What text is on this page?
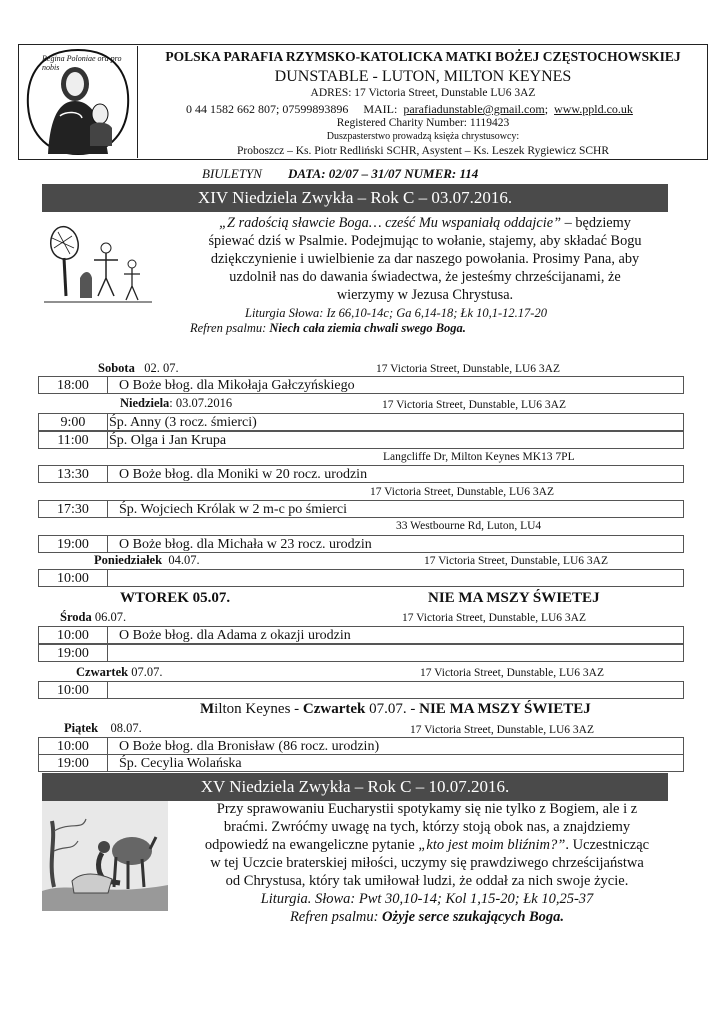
Regina Poloniae ora pro nobis
POLSKA PARAFIA RZYMSKO-KATOLICKA MATKI BOŻEJ CZĘSTOCHOWSKIEJ
DUNSTABLE - LUTON, MILTON KEYNES
ADRES: 17 Victoria Street, Dunstable LU6 3AZ
0 44 1582 662 807; 07599893896 MAIL: parafiadunstable@gmail.com;  www.ppld.co.uk
Registered Charity Number: 1119423
Duszpasterstwo prowadzą księża chrystusowcy:
Proboszcz – Ks. Piotr Redliński SCHR, Asystent – Ks. Leszek Rygiewicz SCHR
BIULETYN DATA: 02/07 – 31/07 NUMER: 114
XIV Niedziela Zwykła – Rok C – 03.07.2016.
„Z radością sławcie Boga… cześć Mu wspaniałą oddajcie” – będziemy
śpiewać dziś w Psalmie. Podejmując to wołanie, stajemy, aby składać Bogu
dziękczynienie i uwielbienie za dar naszego powołania. Prosimy Pana, aby
uzdolnił nas do dawania świadectwa, że jesteśmy chrześcijanami, że
wierzymy w Jezusa Chrystusa.
Liturgia Słowa: Iz 66,10-14c; Ga 6,14-18; Łk 10,1-12.17-20
Refren psalmu: Niech cała ziemia chwali swego Boga.
Sobota 02. 07.	17 Victoria Street, Dunstable, LU6 3AZ
18:00	O Boże błog. dla Mikołaja Gałczyńskiego
Niedziela: 03.07.2016	17 Victoria Street, Dunstable, LU6 3AZ
9:00	Śp. Anny (3 rocz. śmierci)
11:00	Śp. Olga i Jan Krupa
Langcliffe Dr, Milton Keynes MK13 7PL
13:30	O Boże błog. dla Moniki w 20 rocz. urodzin
17 Victoria Street, Dunstable, LU6 3AZ
17:30	Śp. Wojciech Królak w 2 m-c po śmierci
33 Westbourne Rd, Luton, LU4
19:00	O Boże błog. dla Michała w 23 rocz. urodzin
Poniedziałek 04.07.	17 Victoria Street, Dunstable, LU6 3AZ
10:00
WTOREK 05.07.	NIE MA MSZY ŚWIETEJ
Środa 06.07.	17 Victoria Street, Dunstable, LU6 3AZ
10:00	O Boże błog. dla Adama z okazji urodzin
19:00
Czwartek 07.07.	17 Victoria Street, Dunstable, LU6 3AZ
10:00
Milton Keynes - Czwartek 07.07. - NIE MA MSZY ŚWIETEJ
Piątek 08.07.	17 Victoria Street, Dunstable, LU6 3AZ
10:00	O Boże błog. dla Bronisław (86 rocz. urodzin)
19:00	Śp. Cecylia Wolańska
XV Niedziela Zwykła – Rok C – 10.07.2016.
Przy sprawowaniu Eucharystii spotykamy się nie tylko z Bogiem, ale i z
braćmi. Zwróćmy uwagę na tych, którzy stoją obok nas, a znajdziemy
odpowiedź na ewangeliczne pytanie „kto jest moim bliźnim?”. Uczestnicząc
w tej Uczcie braterskiej miłości, uczymy się prawdziwego chrześcijaństwa
od Chrystusa, który tak umiłował ludzi, że oddał za nich swoje życie.
Liturgia. Słowa: Pwt 30,10-14; Kol 1,15-20; Łk 10,25-37
Refren psalmu: Ożyje serce szukających Boga.
